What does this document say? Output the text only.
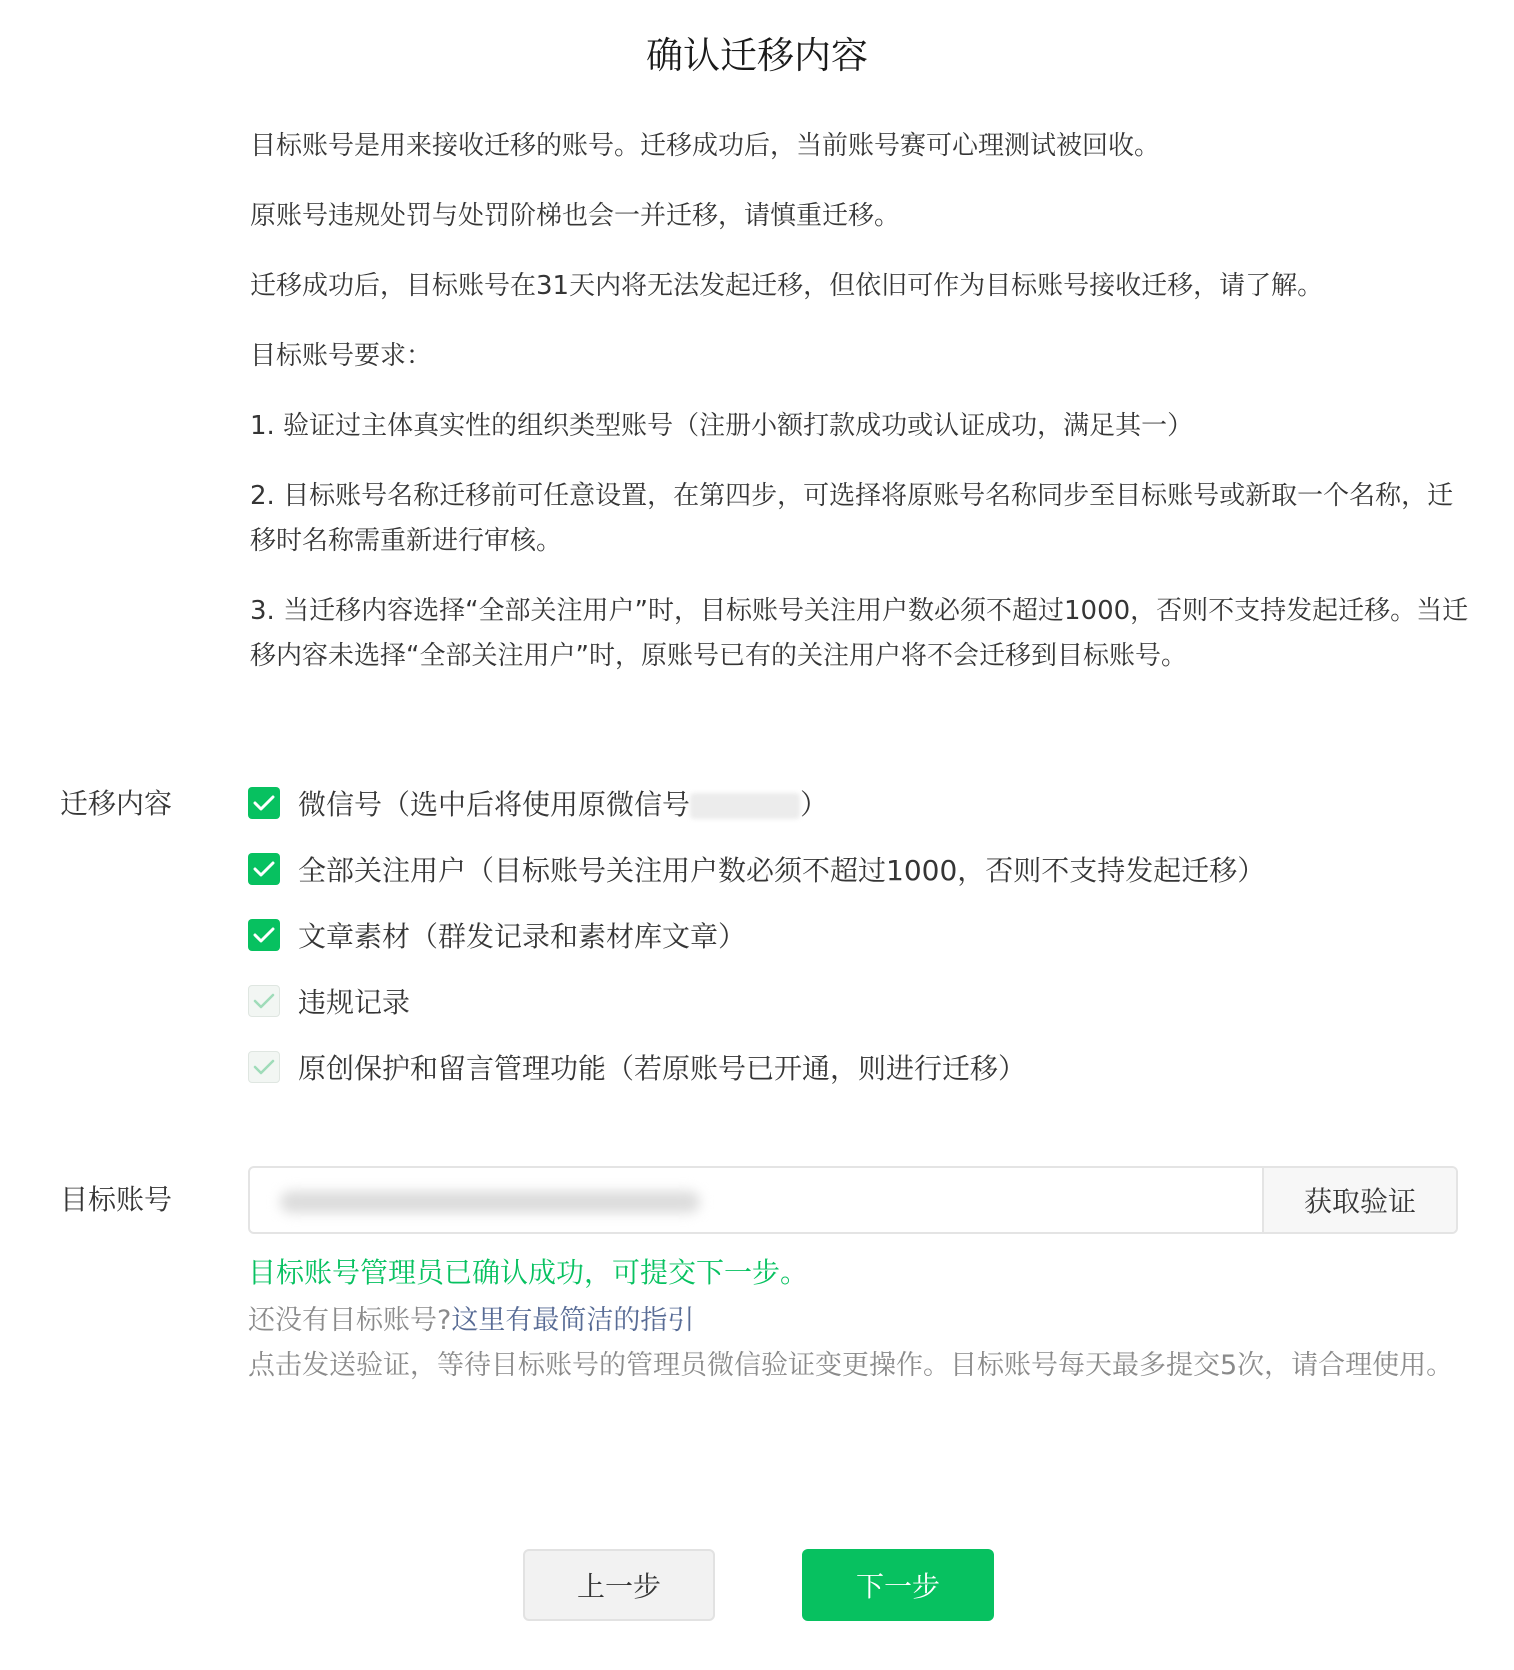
确认迁移内容

目标账号是用来接收迁移的账号。迁移成功后，当前账号赛可心理测试被回收。

原账号违规处罚与处罚阶梯也会一并迁移，请慎重迁移。

迁移成功后，目标账号在31天内将无法发起迁移，但依旧可作为目标账号接收迁移，请了解。

目标账号要求：

1. 验证过主体真实性的组织类型账号（注册小额打款成功或认证成功，满足其一）

2. 目标账号名称迁移前可任意设置，在第四步，可选择将原账号名称同步至目标账号或新取一个名称，迁移时名称需重新进行审核。

3. 当迁移内容选择“全部关注用户”时，目标账号关注用户数必须不超过1000，否则不支持发起迁移。当迁移内容未选择“全部关注用户”时，原账号已有的关注用户将不会迁移到目标账号。

迁移内容	微信号（选中后将使用原微信号	）
全部关注用户（目标账号关注用户数必须不超过1000，否则不支持发起迁移）
文章素材（群发记录和素材库文章）
违规记录
原创保护和留言管理功能（若原账号已开通，则进行迁移）
目标账号	获取验证
目标账号管理员已确认成功，可提交下一步。

还没有目标账号?这里有最简洁的指引

点击发送验证，等待目标账号的管理员微信验证变更操作。目标账号每天最多提交5次，请合理使用。

上一步	下一步
